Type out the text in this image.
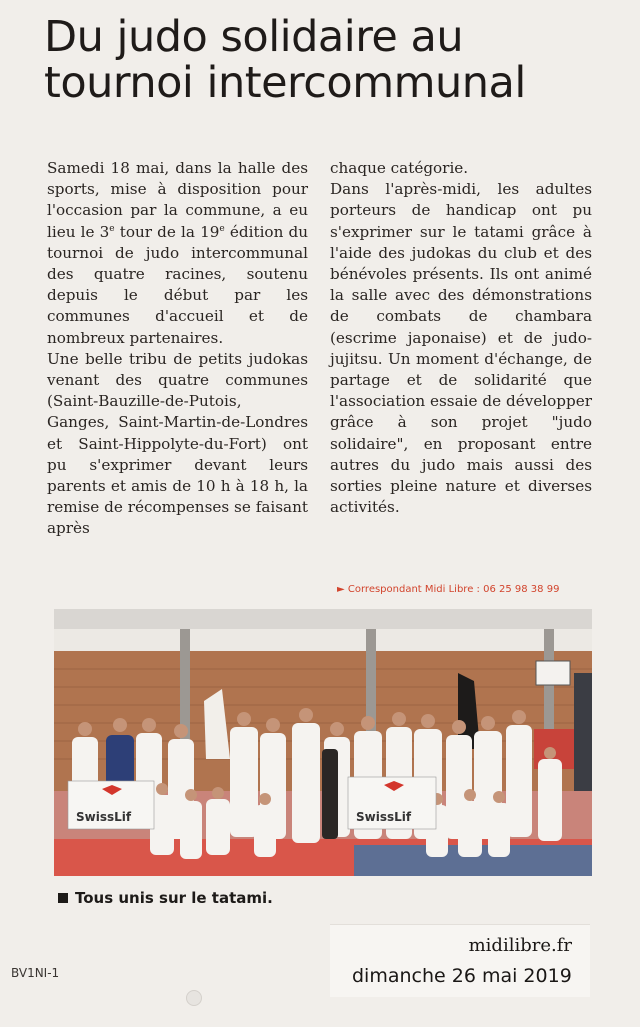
Du judo solidaire au tournoi intercommunal

Samedi 18 mai, dans la halle des sports, mise à disposition pour l'occasion par la commune, a eu lieu le 3e tour de la 19e édition du tournoi de judo intercommunal des quatre racines, soutenu depuis le début par les communes d'accueil et de nombreux partenaires.

Une belle tribu de petits judokas venant des quatre communes (Saint-Bauzille-de-Putois, Ganges, Saint-Martin-de-Londres et Saint-Hippolyte-du-Fort) ont pu s'exprimer devant leurs parents et amis de 10 h à 18 h, la remise de récompenses se faisant après

chaque catégorie.

Dans l'après-midi, les adultes porteurs de handicap ont pu s'exprimer sur le tatami grâce à l'aide des judokas du club et des bénévoles présents. Ils ont animé la salle avec des démonstrations de combats de chambara (escrime japonaise) et de judo-jujitsu. Un moment d'échange, de partage et de solidarité que l'association essaie de développer grâce à son projet "judo solidaire", en proposant entre autres du judo mais aussi des sorties pleine nature et diverses activités.

► Correspondant Midi Libre : 06 25 98 38 99
SwissLif	SwissLif
Tous unis sur le tatami.
BV1NI-1
midilibre.fr
dimanche 26 mai 2019
